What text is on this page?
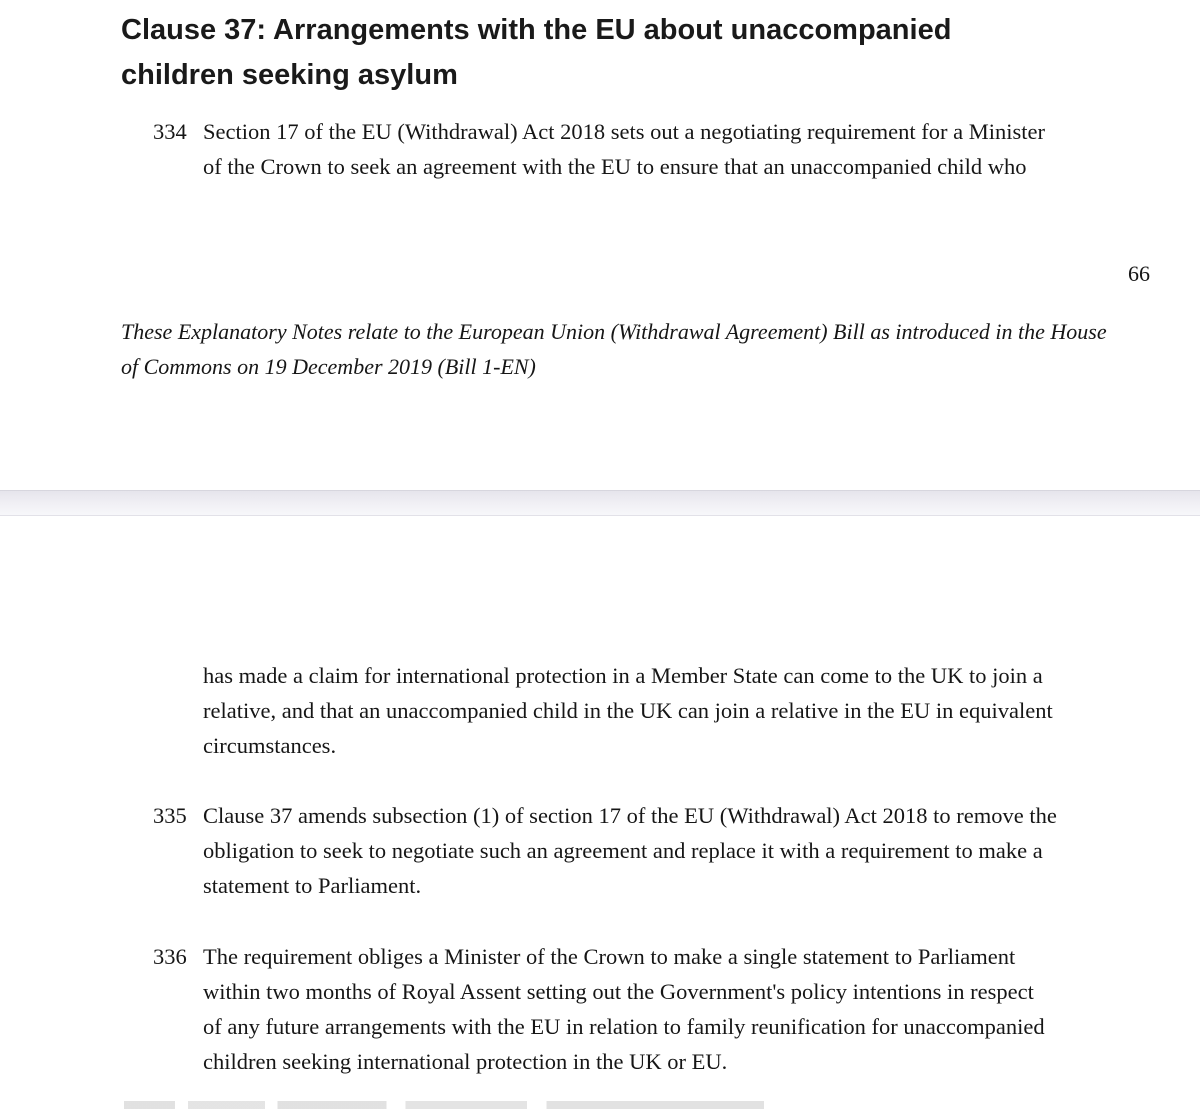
Clause 37: Arrangements with the EU about unaccompanied
children seeking asylum
334 Section 17 of the EU (Withdrawal) Act 2018 sets out a negotiating requirement for a Minister
of the Crown to seek an agreement with the EU to ensure that an unaccompanied child who
66
These Explanatory Notes relate to the European Union (Withdrawal Agreement) Bill as introduced in the House
of Commons on 19 December 2019 (Bill 1-EN)
has made a claim for international protection in a Member State can come to the UK to join a
relative, and that an unaccompanied child in the UK can join a relative in the EU in equivalent
circumstances.
335 Clause 37 amends subsection (1) of section 17 of the EU (Withdrawal) Act 2018 to remove the
obligation to seek to negotiate such an agreement and replace it with a requirement to make a
statement to Parliament.
336 The requirement obliges a Minister of the Crown to make a single statement to Parliament
within two months of Royal Assent setting out the Government's policy intentions in respect
of any future arrangements with the EU in relation to family reunification for unaccompanied
children seeking international protection in the UK or EU.
